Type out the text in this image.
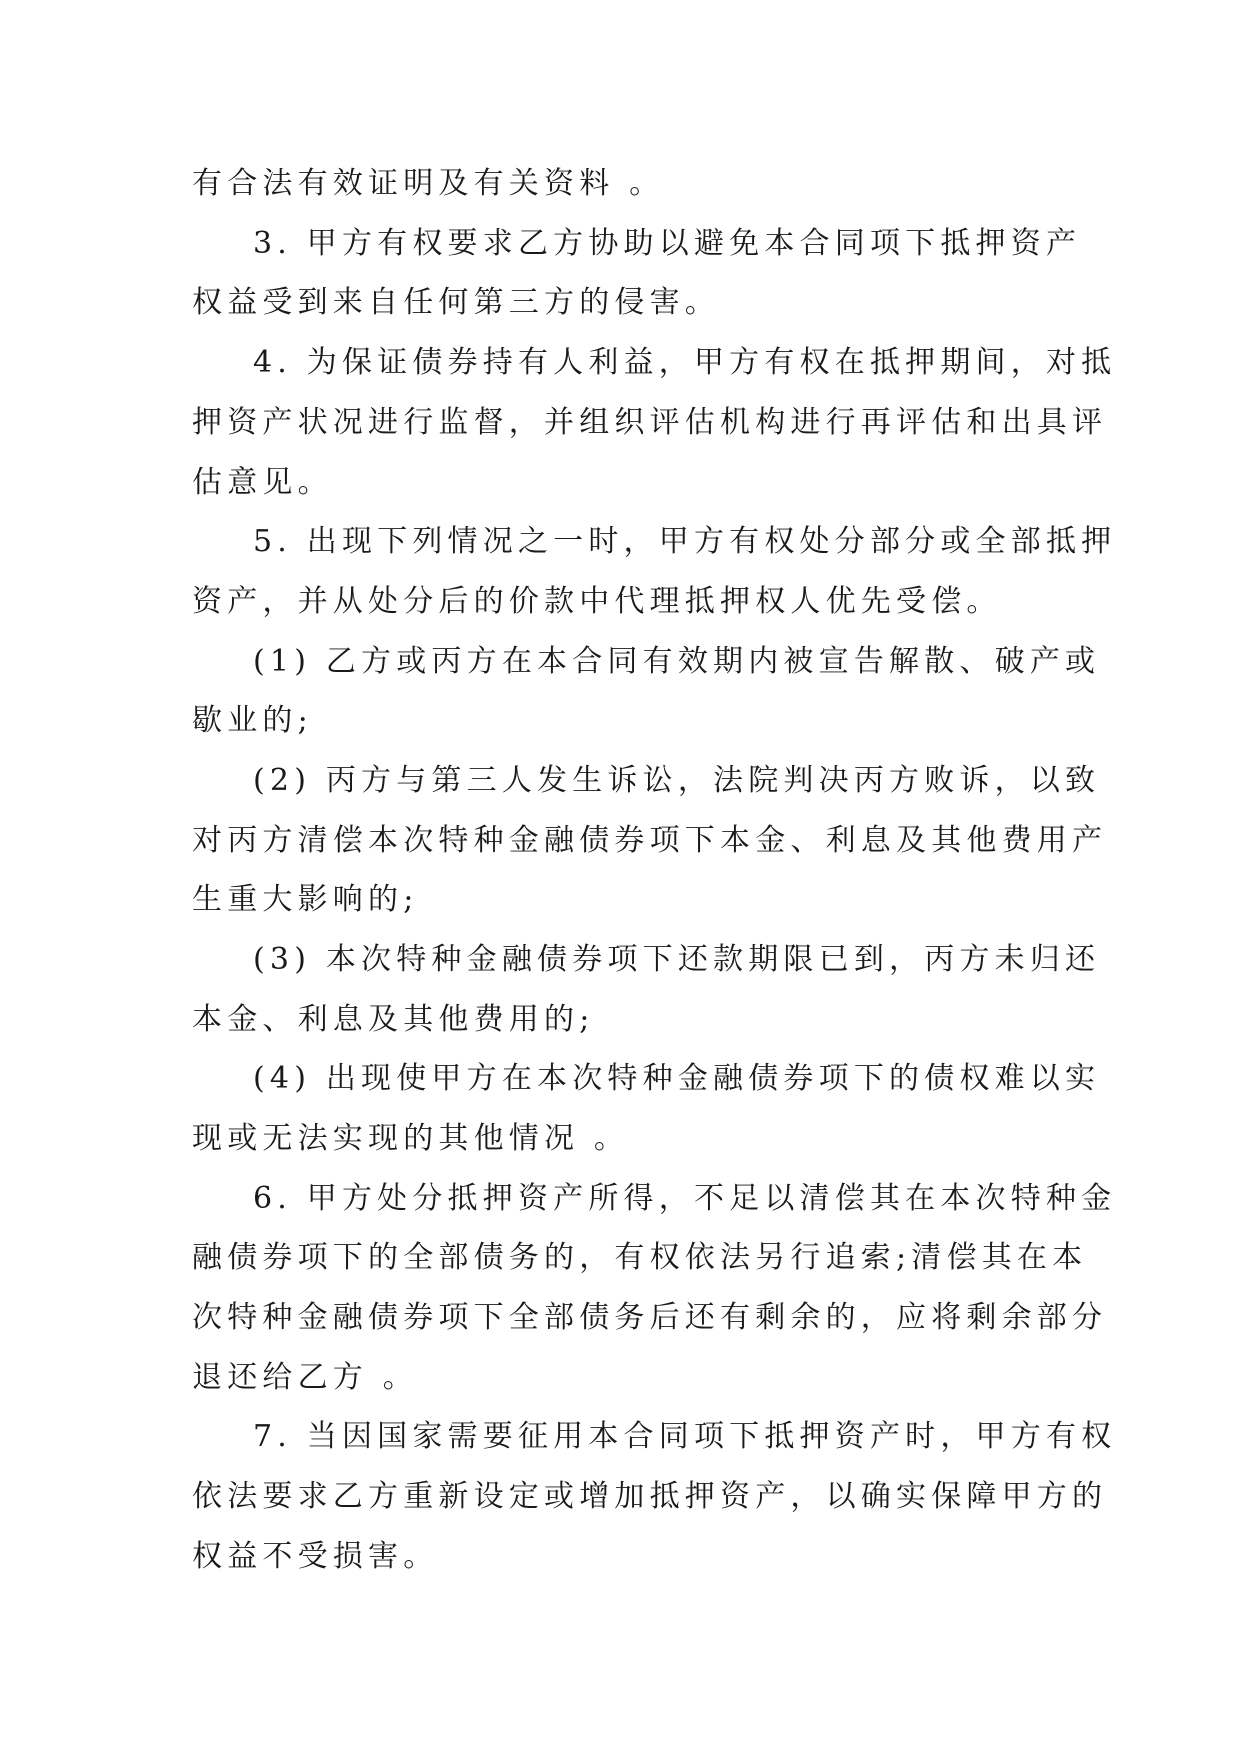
有合法有效证明及有关资料 。
3. 甲方有权要求乙方协助以避免本合同项下抵押资产
权益受到来自任何第三方的侵害。
4. 为保证债券持有人利益，甲方有权在抵押期间，对抵
押资产状况进行监督，并组织评估机构进行再评估和出具评
估意见。
5. 出现下列情况之一时，甲方有权处分部分或全部抵押
资产，并从处分后的价款中代理抵押权人优先受偿。
(1) 乙方或丙方在本合同有效期内被宣告解散、破产或
歇业的;
(2) 丙方与第三人发生诉讼，法院判决丙方败诉，以致
对丙方清偿本次特种金融债券项下本金、利息及其他费用产
生重大影响的;
(3) 本次特种金融债券项下还款期限已到，丙方未归还
本金、利息及其他费用的;
(4) 出现使甲方在本次特种金融债券项下的债权难以实
现或无法实现的其他情况 。
6. 甲方处分抵押资产所得，不足以清偿其在本次特种金
融债券项下的全部债务的，有权依法另行追索;清偿其在本
次特种金融债券项下全部债务后还有剩余的，应将剩余部分
退还给乙方 。
7. 当因国家需要征用本合同项下抵押资产时，甲方有权
依法要求乙方重新设定或增加抵押资产，以确实保障甲方的
权益不受损害。
